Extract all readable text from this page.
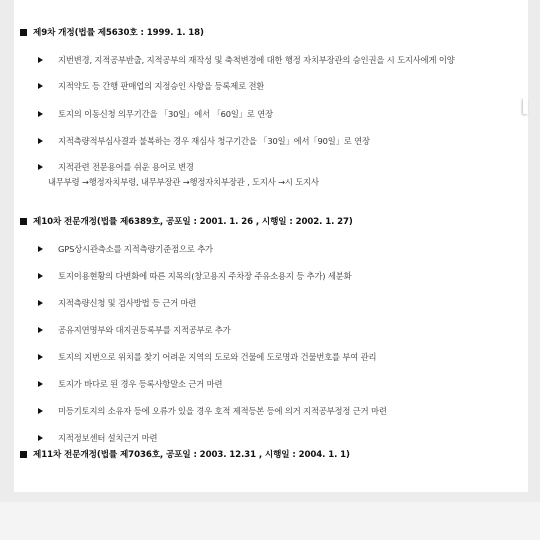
제9차 개정(법률 제5630호 : 1999. 1. 18)
지번변경, 지적공부반출, 지적공부의 재작성 및 축척변경에 대한 행정 자치부장관의 승인권을 시 도지사에게 이양
지적약도 등 간행 판매업의 지정승인 사항을 등록제로 전환
토지의 이동신청 의무기간을 「30일」에서 「60일」로 연장
지적측량적부심사결과 불복하는 경우 재심사 청구기간을 「30일」에서「90일」로 연장
지적관련 전문용어를 쉬운 용어로 변경
내무부령 →행정자치부령, 내무부장관 →행정자치부장관 , 도지사 →시 도지사
제10차 전문개정(법률 제6389호, 공포일 : 2001. 1. 26 , 시행일 : 2002. 1. 27)
GPS상시관측소를 지적측량기준점으로 추가
토지이용현황의 다변화에 따른 지목의(창고용지 주차장 주유소용지 등 추가) 세분화
지적측량신청 및 검사방법 등 근거 마련
공유지연명부와 대지권등록부를 지적공부로 추가
토지의 지번으로 위치를 찾기 어려운 지역의 도로와 건물에 도로명과 건물번호를 부여 관리
토지가 바다로 된 경우 등록사항말소 근거 마련
미등기토지의 소유자 등에 오류가 있을 경우 호적 제적등본 등에 의거 지적공부정정 근거 마련
지적정보센터 설치근거 마련
제11차 전문개정(법률 제7036호, 공포일 : 2003. 12.31 , 시행일 : 2004. 1. 1)
